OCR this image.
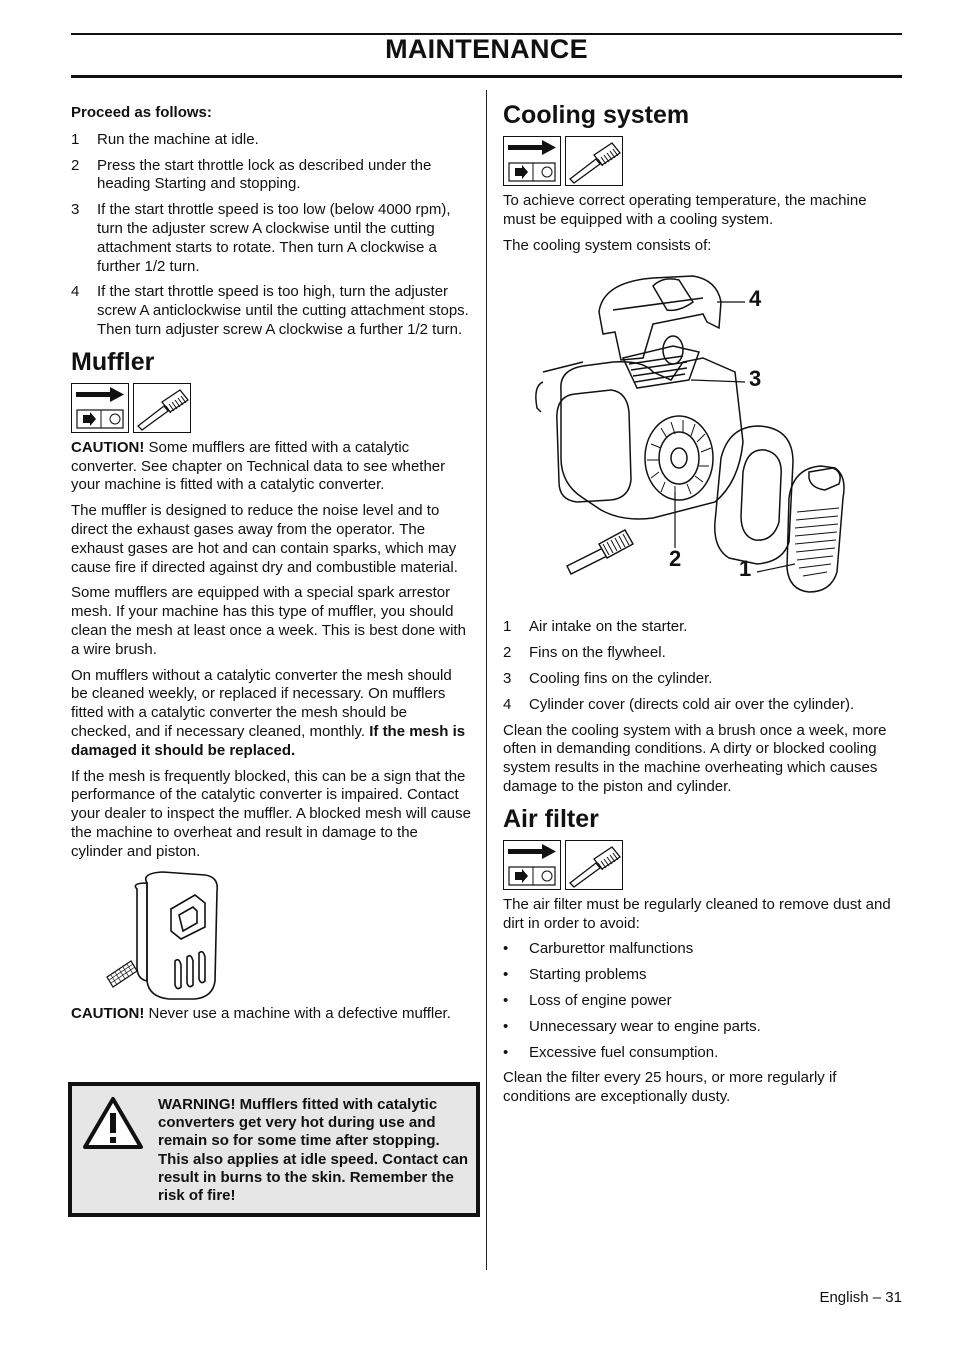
MAINTENANCE
Proceed as follows:
1 Run the machine at idle.
2 Press the start throttle lock as described under the heading Starting and stopping.
3 If the start throttle speed is too low (below 4000 rpm), turn the adjuster screw A clockwise until the cutting attachment starts to rotate. Then turn A clockwise a further 1/2 turn.
4 If the start throttle speed is too high, turn the adjuster screw A anticlockwise until the cutting attachment stops. Then turn adjuster screw A clockwise a further 1/2 turn.
Muffler

CAUTION! Some mufflers are fitted with a catalytic converter. See chapter on Technical data to see whether your machine is fitted with a catalytic converter.

The muffler is designed to reduce the noise level and to direct the exhaust gases away from the operator. The exhaust gases are hot and can contain sparks, which may cause fire if directed against dry and combustible material.

Some mufflers are equipped with a special spark arrestor mesh. If your machine has this type of muffler, you should clean the mesh at least once a week. This is best done with a wire brush.

On mufflers without a catalytic converter the mesh should be cleaned weekly, or replaced if necessary. On mufflers fitted with a catalytic converter the mesh should be checked, and if necessary cleaned, monthly. If the mesh is damaged it should be replaced.

If the mesh is frequently blocked, this can be a sign that the performance of the catalytic converter is impaired. Contact your dealer to inspect the muffler. A blocked mesh will cause the machine to overheat and result in damage to the cylinder and piston.

CAUTION! Never use a machine with a defective muffler.

WARNING! Mufflers fitted with catalytic converters get very hot during use and remain so for some time after stopping. This also applies at idle speed. Contact can result in burns to the skin. Remember the risk of fire!
Cooling system

To achieve correct operating temperature, the machine must be equipped with a cooling system.

The cooling system consists of:

4
3
2	1
1 Air intake on the starter.
2 Fins on the flywheel.
3 Cooling fins on the cylinder.
4 Cylinder cover (directs cold air over the cylinder).

Clean the cooling system with a brush once a week, more often in demanding conditions. A dirty or blocked cooling system results in the machine overheating which causes damage to the piston and cylinder.

Air filter

The air filter must be regularly cleaned to remove dust and dirt in order to avoid:

• Carburettor malfunctions
• Starting problems
• Loss of engine power
• Unnecessary wear to engine parts.
• Excessive fuel consumption.

Clean the filter every 25 hours, or more regularly if conditions are exceptionally dusty.

English – 31
